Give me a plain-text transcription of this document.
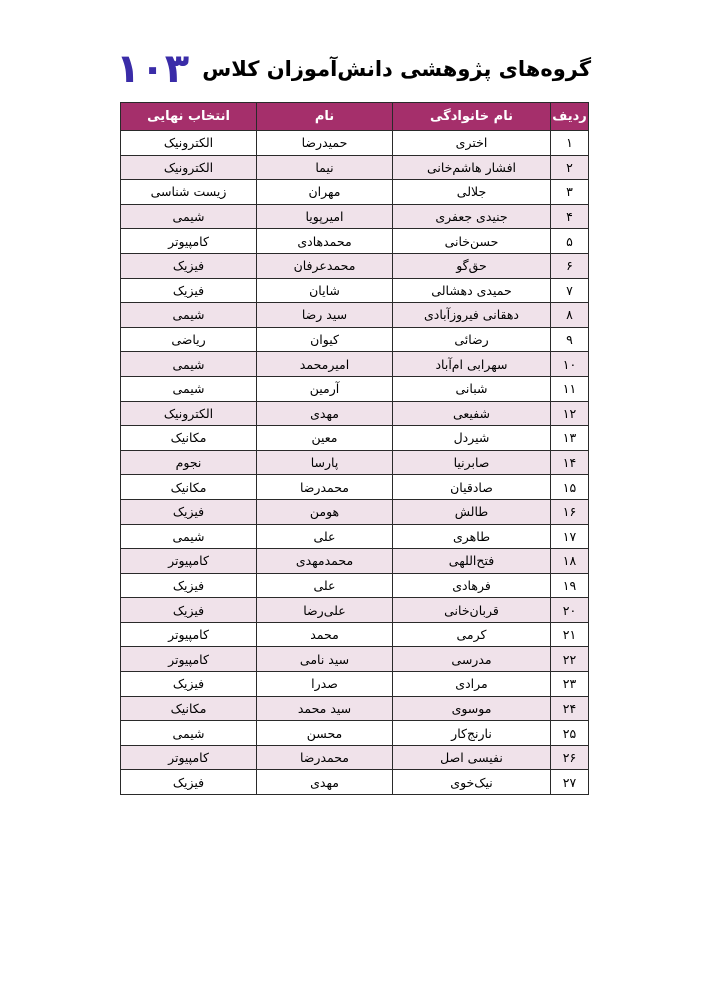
گروه‌های پژوهشی دانش‌آموزان کلاس ۱۰۳
ردیف	نام خانوادگی	نام	انتخاب نهایی
۱	اختری	حمیدرضا	الکترونیک
۲	افشار هاشم‌خانی	نیما	الکترونیک
۳	جلالی	مهران	زیست شناسی
۴	جنیدی جعفری	امیرپویا	شیمی
۵	حسن‌خانی	محمدهادی	کامپیوتر
۶	حق‌گو	محمدعرفان	فیزیک
۷	حمیدی دهشالی	شایان	فیزیک
۸	دهقانی فیروزآبادی	سید رضا	شیمی
۹	رضائی	کیوان	ریاضی
۱۰	سهرابی ام‌آباد	امیرمحمد	شیمی
۱۱	شبانی	آرمین	شیمی
۱۲	شفیعی	مهدی	الکترونیک
۱۳	شیردل	معین	مکانیک
۱۴	صابرنیا	پارسا	نجوم
۱۵	صادقیان	محمدرضا	مکانیک
۱۶	طالش	هومن	فیزیک
۱۷	طاهری	علی	شیمی
۱۸	فتح‌اللهی	محمدمهدی	کامپیوتر
۱۹	فرهادی	علی	فیزیک
۲۰	قربان‌خانی	علی‌رضا	فیزیک
۲۱	کرمی	محمد	کامپیوتر
۲۲	مدرسی	سید نامی	کامپیوتر
۲۳	مرادی	صدرا	فیزیک
۲۴	موسوی	سید محمد	مکانیک
۲۵	نارنج‌کار	محسن	شیمی
۲۶	نفیسی اصل	محمدرضا	کامپیوتر
۲۷	نیک‌خوی	مهدی	فیزیک
